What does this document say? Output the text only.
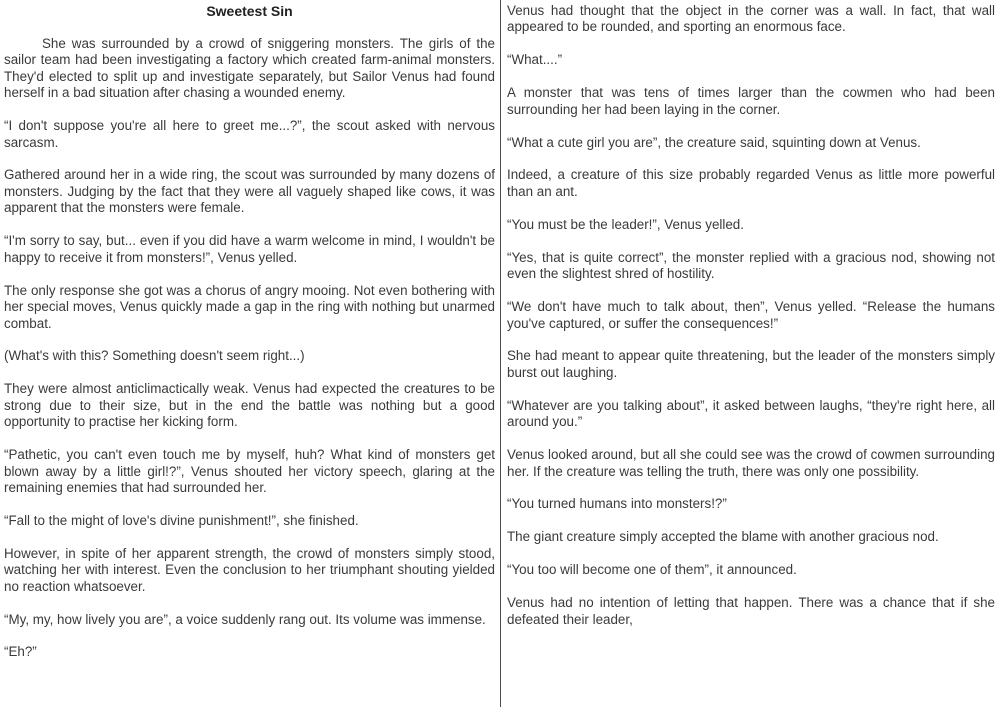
Sweetest Sin

She was surrounded by a crowd of sniggering monsters. The girls of the sailor team had been investigating a factory which created farm-animal monsters. They'd elected to split up and investigate separately, but Sailor Venus had found herself in a bad situation after chasing a wounded enemy.

“I don't suppose you're all here to greet me...?”, the scout asked with nervous sarcasm.

Gathered around her in a wide ring, the scout was surrounded by many dozens of monsters. Judging by the fact that they were all vaguely shaped like cows, it was apparent that the monsters were female.

“I'm sorry to say, but... even if you did have a warm welcome in mind, I wouldn't be happy to receive it from monsters!”, Venus yelled.

The only response she got was a chorus of angry mooing. Not even bothering with her special moves, Venus quickly made a gap in the ring with nothing but unarmed combat.

(What's with this? Something doesn't seem right...)

They were almost anticlimactically weak. Venus had expected the creatures to be strong due to their size, but in the end the battle was nothing but a good opportunity to practise her kicking form.

“Pathetic, you can't even touch me by myself, huh? What kind of monsters get blown away by a little girl!?”, Venus shouted her victory speech, glaring at the remaining enemies that had surrounded her.

“Fall to the might of love's divine punishment!”, she finished.

However, in spite of her apparent strength, the crowd of monsters simply stood, watching her with interest. Even the conclusion to her triumphant shouting yielded no reaction whatsoever.

“My, my, how lively you are”, a voice suddenly rang out. Its volume was immense.

“Eh?”

Venus had thought that the object in the corner was a wall. In fact, that wall appeared to be rounded, and sporting an enormous face.

“What....”

A monster that was tens of times larger than the cowmen who had been surrounding her had been laying in the corner.

“What a cute girl you are”, the creature said, squinting down at Venus.

Indeed, a creature of this size probably regarded Venus as little more powerful than an ant.

“You must be the leader!”, Venus yelled.

“Yes, that is quite correct”, the monster replied with a gracious nod, showing not even the slightest shred of hostility.

“We don't have much to talk about, then”, Venus yelled. “Release the humans you've captured, or suffer the consequences!”

She had meant to appear quite threatening, but the leader of the monsters simply burst out laughing.

“Whatever are you talking about”, it asked between laughs, “they're right here, all around you.”

Venus looked around, but all she could see was the crowd of cowmen surrounding her. If the creature was telling the truth, there was only one possibility.

“You turned humans into monsters!?”

The giant creature simply accepted the blame with another gracious nod.

“You too will become one of them”, it announced.

Venus had no intention of letting that happen. There was a chance that if she defeated their leader,
